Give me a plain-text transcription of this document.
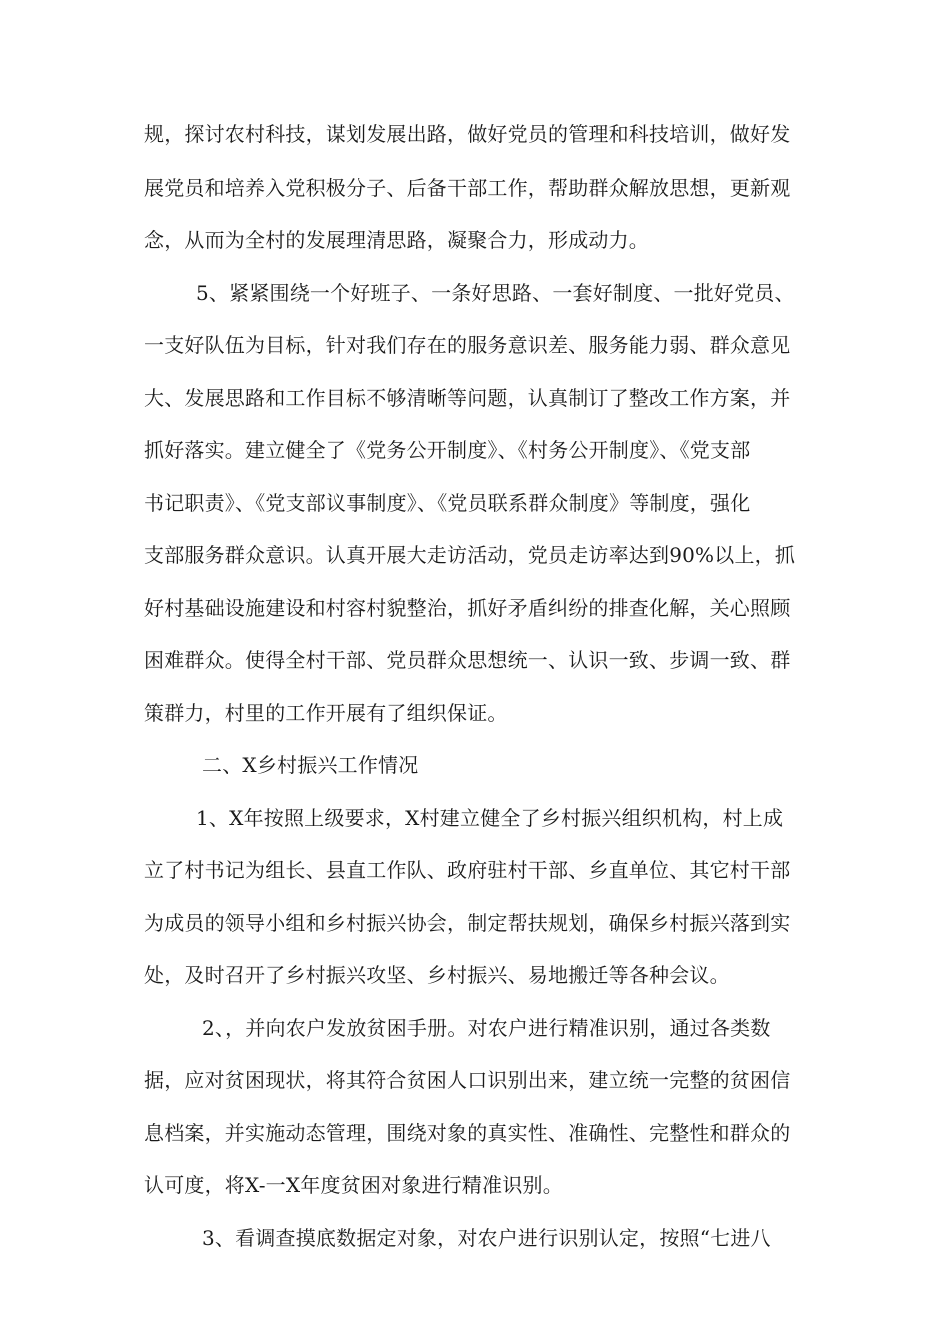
规，探讨农村科技，谋划发展出路，做好党员的管理和科技培训，做好发

展党员和培养入党积极分子、后备干部工作，帮助群众解放思想，更新观

念，从而为全村的发展理清思路，凝聚合力，形成动力。

5、紧紧围绕一个好班子、一条好思路、一套好制度、一批好党员、

一支好队伍为目标，针对我们存在的服务意识差、服务能力弱、群众意见

大、发展思路和工作目标不够清晰等问题，认真制订了整改工作方案，并

抓好落实。建立健全了《党务公开制度》、《村务公开制度》、《党支部

书记职责》、《党支部议事制度》、《党员联系群众制度》等制度，强化

支部服务群众意识。认真开展大走访活动，党员走访率达到90%以上，抓

好村基础设施建设和村容村貌整治，抓好矛盾纠纷的排查化解，关心照顾

困难群众。使得全村干部、党员群众思想统一、认识一致、步调一致、群

策群力，村里的工作开展有了组织保证。

二、X乡村振兴工作情况

1、X年按照上级要求，X村建立健全了乡村振兴组织机构，村上成

立了村书记为组长、县直工作队、政府驻村干部、乡直单位、其它村干部

为成员的领导小组和乡村振兴协会，制定帮扶规划，确保乡村振兴落到实

处，及时召开了乡村振兴攻坚、乡村振兴、易地搬迁等各种会议。

2、，并向农户发放贫困手册。对农户进行精准识别，通过各类数

据，应对贫困现状，将其符合贫困人口识别出来，建立统一完整的贫困信

息档案，并实施动态管理，围绕对象的真实性、准确性、完整性和群众的

认可度，将X-一X年度贫困对象进行精准识别。

3、看调查摸底数据定对象，对农户进行识别认定，按照“七进八
